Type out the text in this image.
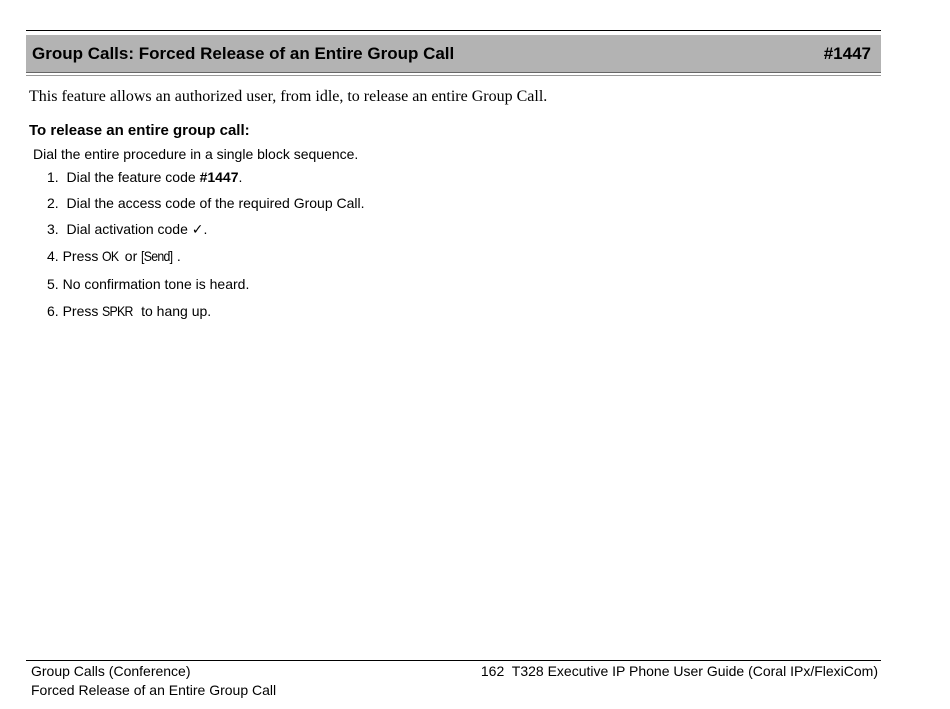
Group Calls: Forced Release of an Entire Group Call	#1447
This feature allows an authorized user, from idle, to release an entire Group Call.
To release an entire group call:
Dial the entire procedure in a single block sequence.
1. Dial the feature code #1447.
2. Dial the access code of the required Group Call.
3. Dial activation code ✓.
4. Press OK or [Send] .
5. No confirmation tone is heard.
6. Press SPKR to hang up.
Group Calls (Conference)
Forced Release of an Entire Group Call
162 T328 Executive IP Phone User Guide (Coral IPx/FlexiCom)
